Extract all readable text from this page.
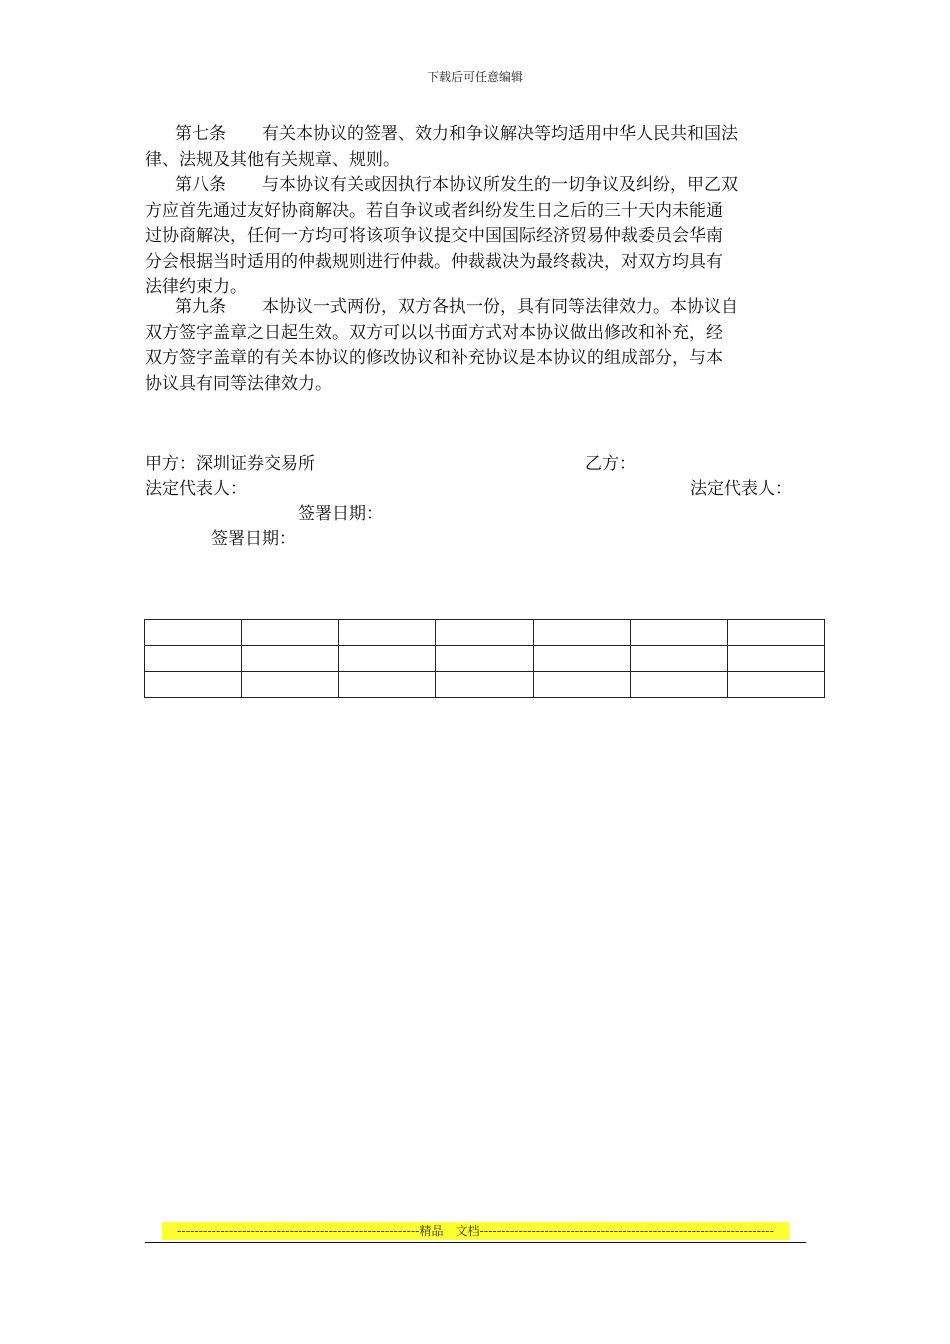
下载后可任意编辑
第七条 有关本协议的签署、效力和争议解决等均适用中华人民共和国法
律、法规及其他有关规章、规则。
第八条 与本协议有关或因执行本协议所发生的一切争议及纠纷，甲乙双
方应首先通过友好协商解决。若自争议或者纠纷发生日之后的三十天内未能通
过协商解决，任何一方均可将该项争议提交中国国际经济贸易仲裁委员会华南
分会根据当时适用的仲裁规则进行仲裁。仲裁裁决为最终裁决，对双方均具有
法律约束力。
第九条 本协议一式两份，双方各执一份，具有同等法律效力。本协议自
双方签字盖章之日起生效。双方可以以书面方式对本协议做出修改和补充，经
双方签字盖章的有关本协议的修改协议和补充协议是本协议的组成部分，与本
协议具有同等法律效力。
甲方：深圳证券交易所	乙方：
法定代表人：	法定代表人：
签署日期：
签署日期：

--------------------------------------------------------精品　文档--------------------------------------------------------------------
